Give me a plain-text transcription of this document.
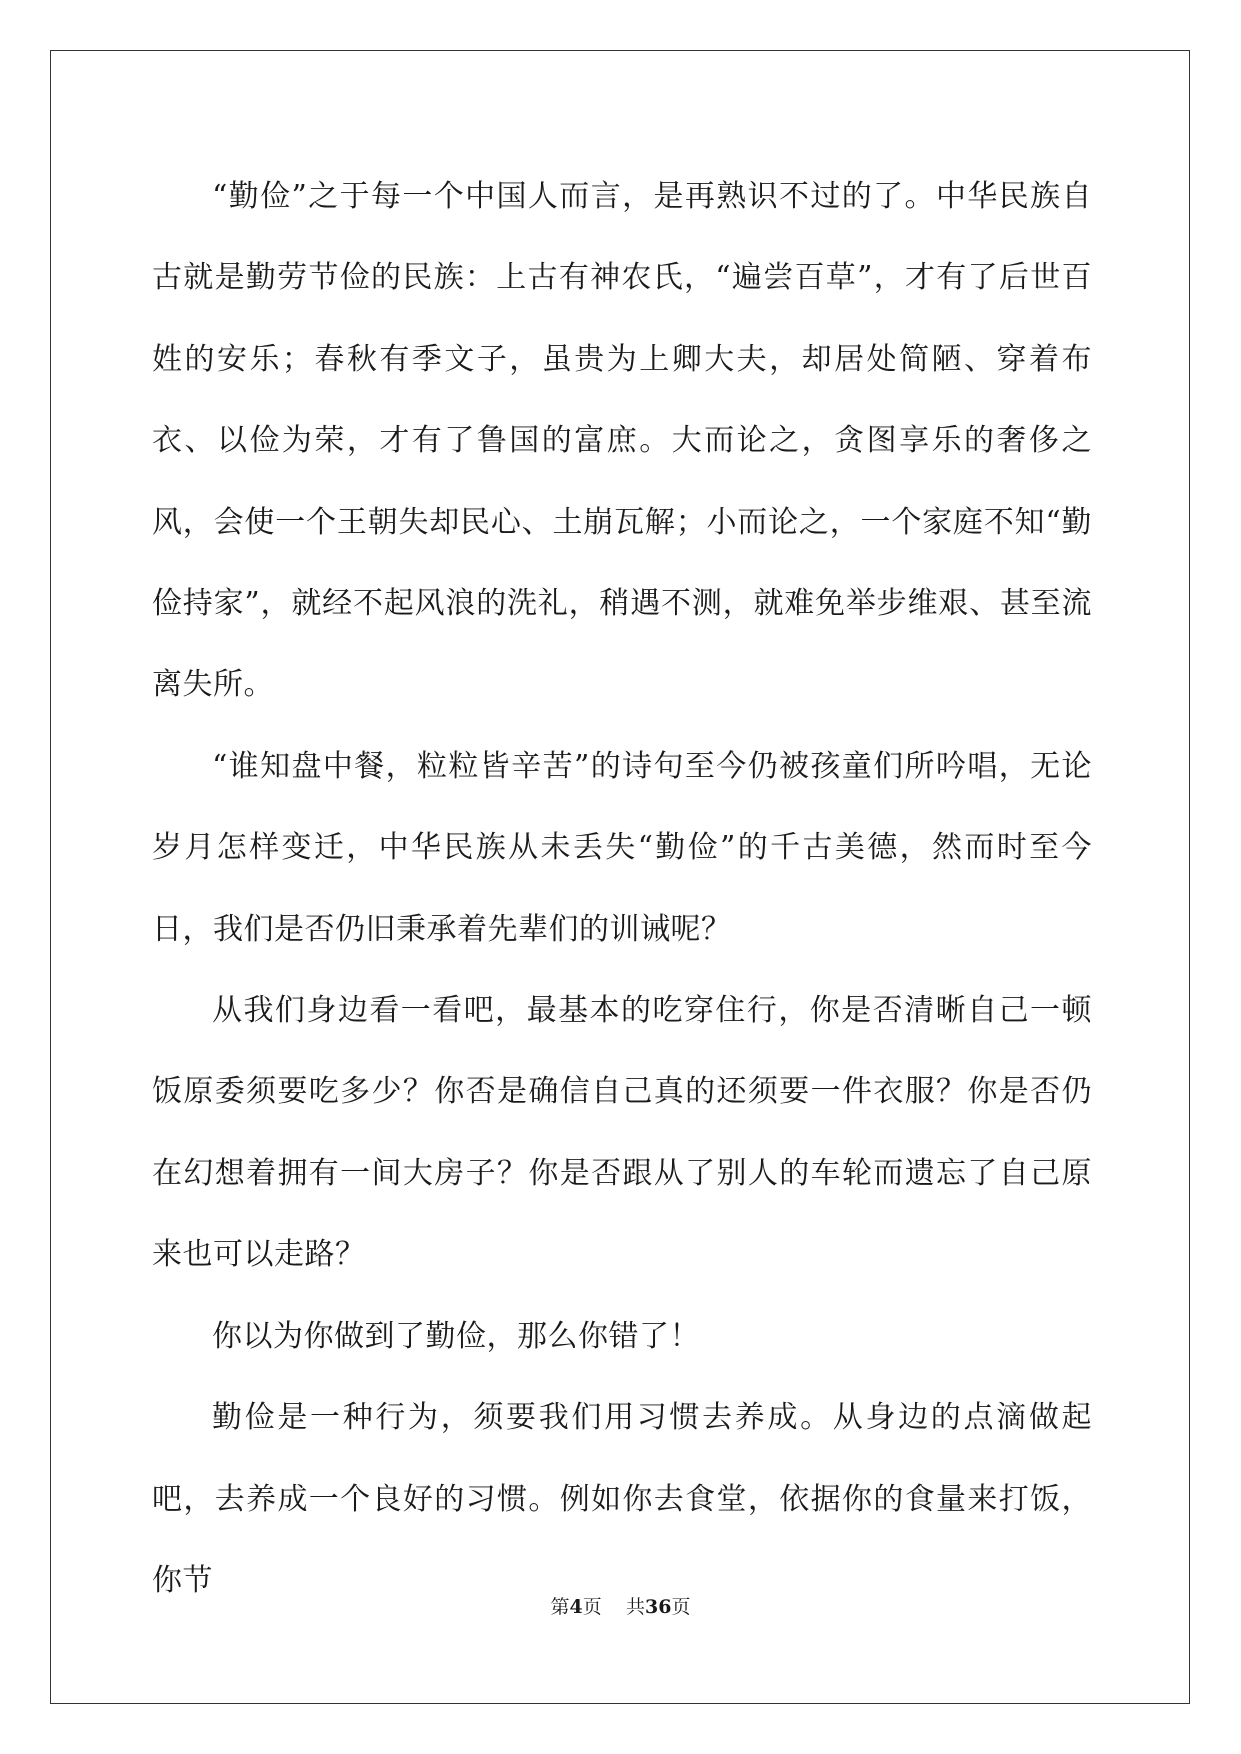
“勤俭”之于每一个中国人而言，是再熟识不过的了。中华民族自古就是勤劳节俭的民族：上古有神农氏，“遍尝百草”，才有了后世百姓的安乐；春秋有季文子，虽贵为上卿大夫，却居处简陋、穿着布衣、以俭为荣，才有了鲁国的富庶。大而论之，贪图享乐的奢侈之风，会使一个王朝失却民心、土崩瓦解；小而论之，一个家庭不知“勤俭持家”，就经不起风浪的洗礼，稍遇不测，就难免举步维艰、甚至流离失所。

“谁知盘中餐，粒粒皆辛苦”的诗句至今仍被孩童们所吟唱，无论岁月怎样变迁，中华民族从未丢失“勤俭”的千古美德，然而时至今日，我们是否仍旧秉承着先辈们的训诫呢？

从我们身边看一看吧，最基本的吃穿住行，你是否清晰自己一顿饭原委须要吃多少？你否是确信自己真的还须要一件衣服？你是否仍在幻想着拥有一间大房子？你是否跟从了别人的车轮而遗忘了自己原来也可以走路？

你以为你做到了勤俭，那么你错了！

勤俭是一种行为，须要我们用习惯去养成。从身边的点滴做起吧，去养成一个良好的习惯。例如你去食堂，依据你的食量来打饭，你节

第4页 共36页
